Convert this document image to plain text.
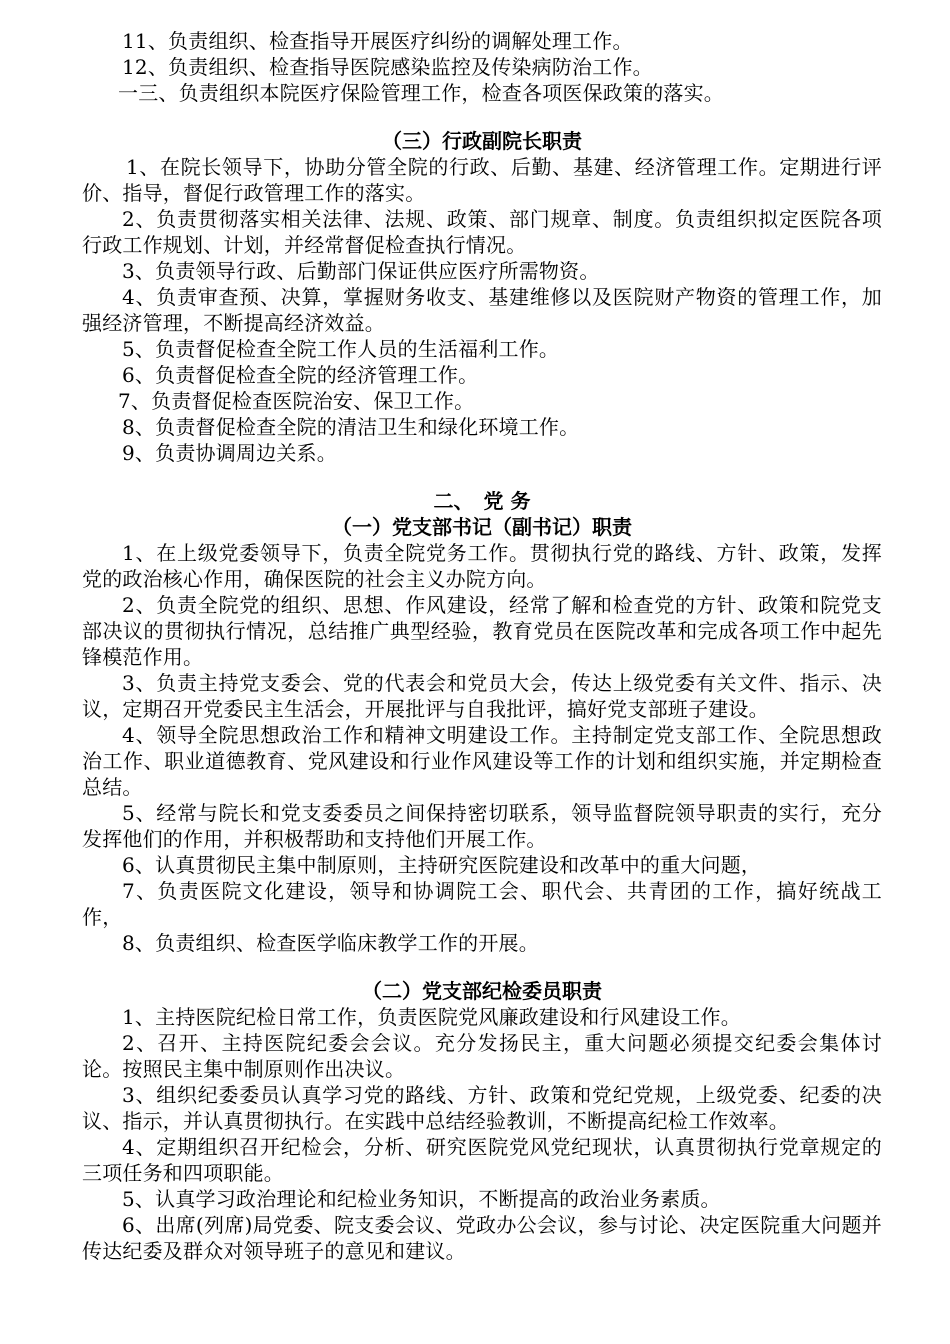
11、负责组织、检查指导开展医疗纠纷的调解处理工作。

12、负责组织、检查指导医院感染监控及传染病防治工作。

一三、负责组织本院医疗保险管理工作，检查各项医保政策的落实。

（三）行政副院长职责

1、在院长领导下，协助分管全院的行政、后勤、基建、经济管理工作。定期进行评价、指导，督促行政管理工作的落实。

2、负责贯彻落实相关法律、法规、政策、部门规章、制度。负责组织拟定医院各项行政工作规划、计划，并经常督促检查执行情况。

3、负责领导行政、后勤部门保证供应医疗所需物资。

4、负责审查预、决算，掌握财务收支、基建维修以及医院财产物资的管理工作，加强经济管理，不断提高经济效益。

5、负责督促检查全院工作人员的生活福利工作。

6、负责督促检查全院的经济管理工作。

7、负责督促检查医院治安、保卫工作。

8、负责督促检查全院的清洁卫生和绿化环境工作。

9、负责协调周边关系。

二、　党 务
（一）党支部书记（副书记）职责

1、在上级党委领导下，负责全院党务工作。贯彻执行党的路线、方针、政策，发挥党的政治核心作用，确保医院的社会主义办院方向。

2、负责全院党的组织、思想、作风建设，经常了解和检查党的方针、政策和院党支部决议的贯彻执行情况，总结推广典型经验，教育党员在医院改革和完成各项工作中起先锋模范作用。

3、负责主持党支委会、党的代表会和党员大会，传达上级党委有关文件、指示、决议，定期召开党委民主生活会，开展批评与自我批评，搞好党支部班子建设。

4、领导全院思想政治工作和精神文明建设工作。主持制定党支部工作、全院思想政治工作、职业道德教育、党风建设和行业作风建设等工作的计划和组织实施，并定期检查总结。

5、经常与院长和党支委委员之间保持密切联系，领导监督院领导职责的实行，充分发挥他们的作用，并积极帮助和支持他们开展工作。

6、认真贯彻民主集中制原则，主持研究医院建设和改革中的重大问题，

7、负责医院文化建设，领导和协调院工会、职代会、共青团的工作，搞好统战工作，

8、负责组织、检查医学临床教学工作的开展。

（二）党支部纪检委员职责

1、主持医院纪检日常工作，负责医院党风廉政建设和行风建设工作。

2、召开、主持医院纪委会会议。充分发扬民主，重大问题必须提交纪委会集体讨论。按照民主集中制原则作出决议。

3、组织纪委委员认真学习党的路线、方针、政策和党纪党规，上级党委、纪委的决议、指示，并认真贯彻执行。在实践中总结经验教训，不断提高纪检工作效率。

4、定期组织召开纪检会，分析、研究医院党风党纪现状，认真贯彻执行党章规定的三项任务和四项职能。

5、认真学习政治理论和纪检业务知识，不断提高的政治业务素质。

6、出席(列席)局党委、院支委会议、党政办公会议，参与讨论、决定医院重大问题并传达纪委及群众对领导班子的意见和建议。
